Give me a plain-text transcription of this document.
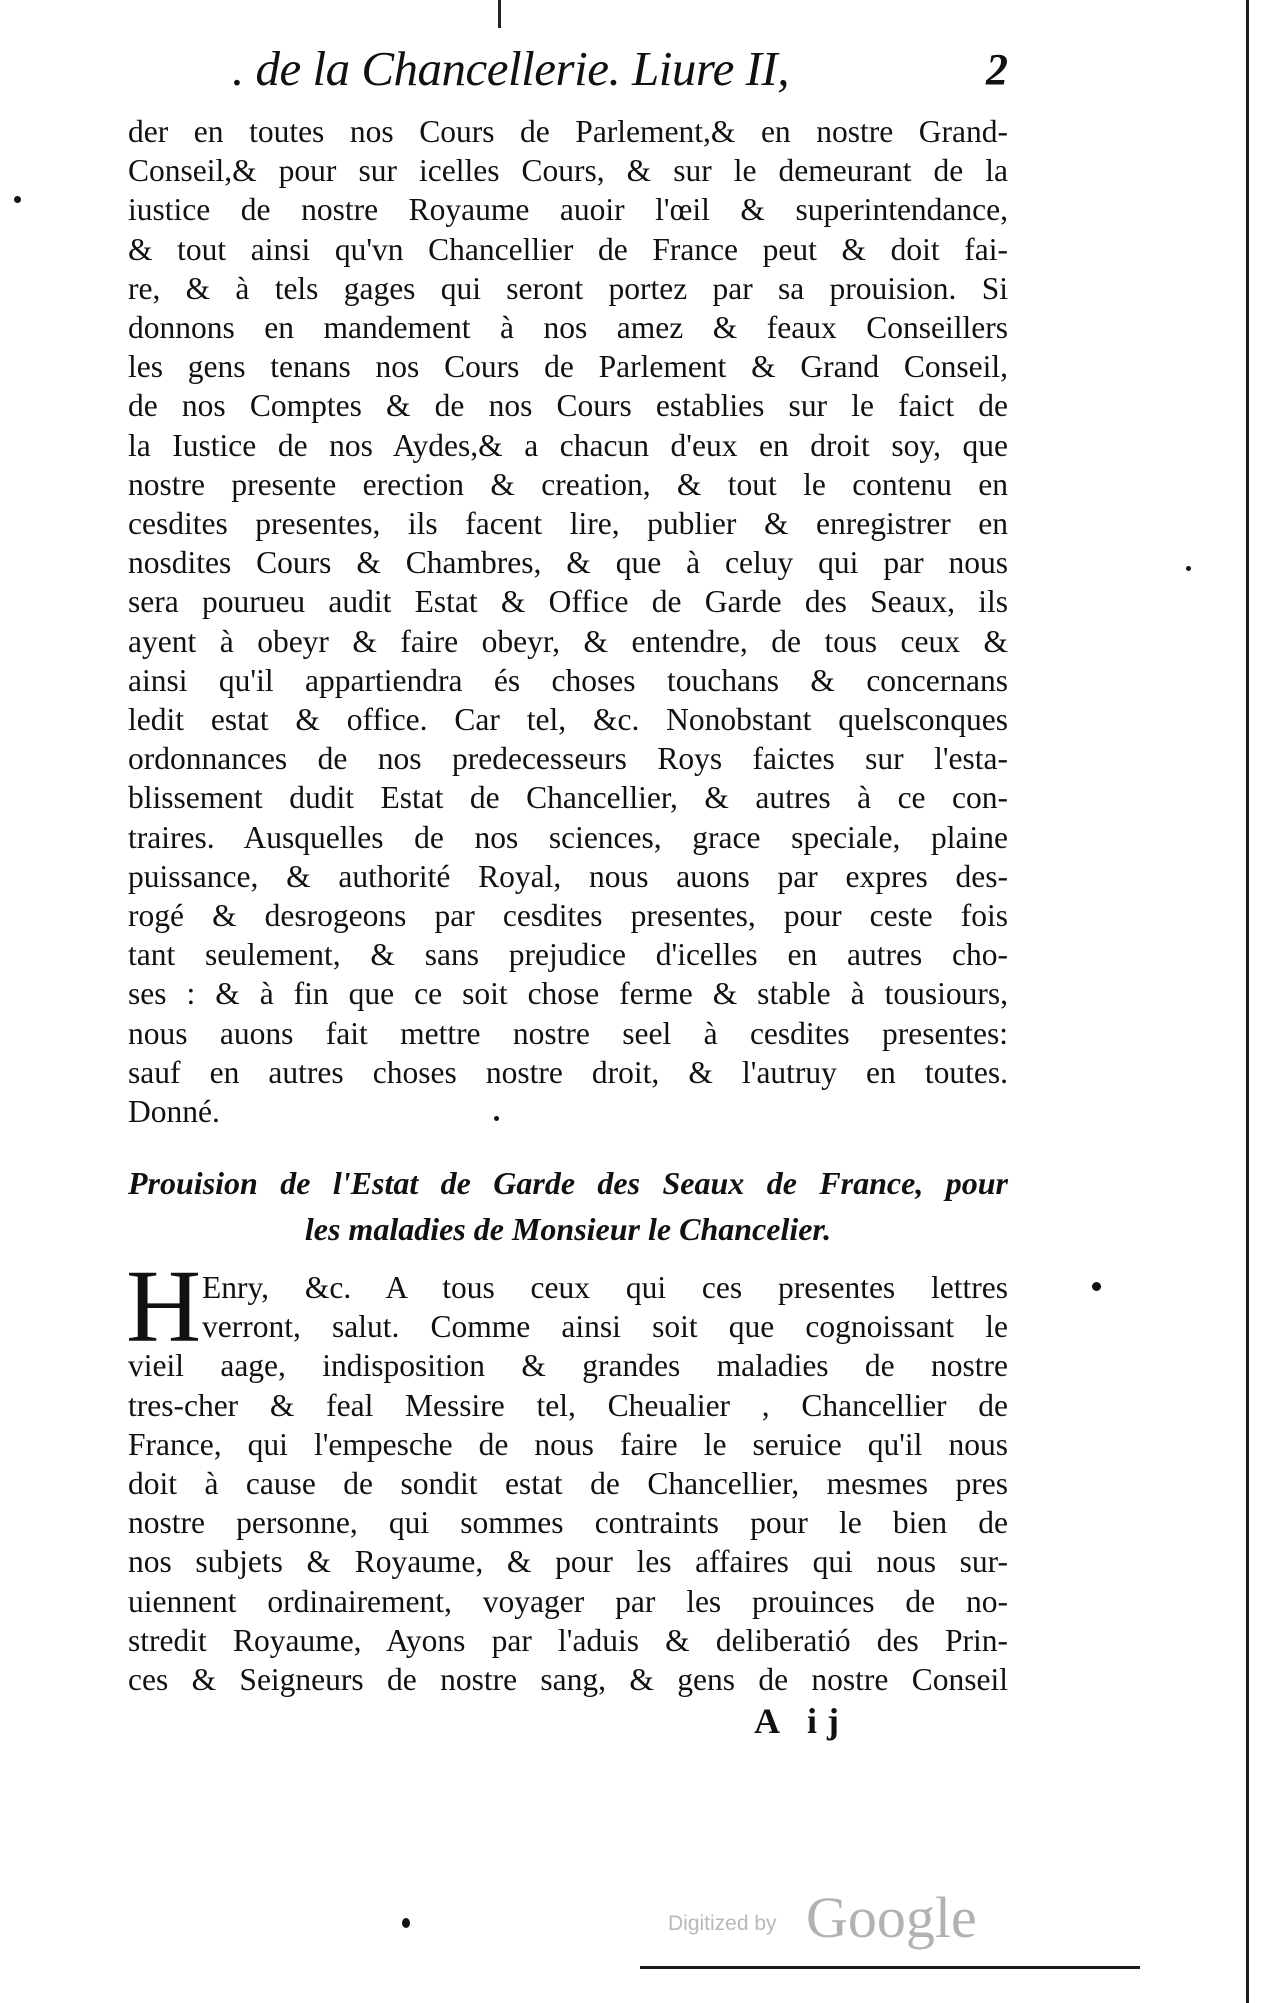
. de la Chancellerie. Liure II,	2
der en toutes nos Cours de Parlement,& en nostre Grand-
Conseil,& pour sur icelles Cours, & sur le demeurant de la
iustice de nostre Royaume auoir l'œil & superintendance,
& tout ainsi qu'vn Chancellier de France peut & doit fai-
re, & à tels gages qui seront portez par sa prouision. Si
donnons en mandement à nos amez & feaux Conseillers
les gens tenans nos Cours de Parlement & Grand Conseil,
de nos Comptes & de nos Cours establies sur le faict de
la Iustice de nos Aydes,& a chacun d'eux en droit soy, que
nostre presente erection & creation, & tout le contenu en
cesdites presentes, ils facent lire, publier & enregistrer en
nosdites Cours & Chambres, & que à celuy qui par nous
sera pourueu audit Estat & Office de Garde des Seaux, ils
ayent à obeyr & faire obeyr, & entendre, de tous ceux &
ainsi qu'il appartiendra és choses touchans & concernans
ledit estat & office. Car tel, &c. Nonobstant quelsconques
ordonnances de nos predecesseurs Roys faictes sur l'esta-
blissement dudit Estat de Chancellier, & autres à ce con-
traires. Ausquelles de nos sciences, grace speciale, plaine
puissance, & authorité Royal, nous auons par expres des-
rogé & desrogeons par cesdites presentes, pour ceste fois
tant seulement, & sans prejudice d'icelles en autres cho-
ses : & à fin que ce soit chose ferme & stable à tousiours,
nous auons fait mettre nostre seel à cesdites presentes:
sauf en autres choses nostre droit, & l'autruy en toutes.
Donné.
Prouision de l'Estat de Garde des Seaux de France, pour
les maladies de Monsieur le Chancelier.
H Enry, &c. A tous ceux qui ces presentes lettres
verront, salut. Comme ainsi soit que cognoissant le
vieil aage, indisposition & grandes maladies de nostre
tres-cher & feal Messire tel, Cheualier , Chancellier de
France, qui l'empesche de nous faire le seruice qu'il nous
doit à cause de sondit estat de Chancellier, mesmes pres
nostre personne, qui sommes contraints pour le bien de
nos subjets & Royaume, & pour les affaires qui nous sur-
uiennent ordinairement, voyager par les prouinces de no-
stredit Royaume, Ayons par l'aduis & deliberatió des Prin-
ces & Seigneurs de nostre sang, & gens de nostre Conseil
A ij
Digitized by Google
